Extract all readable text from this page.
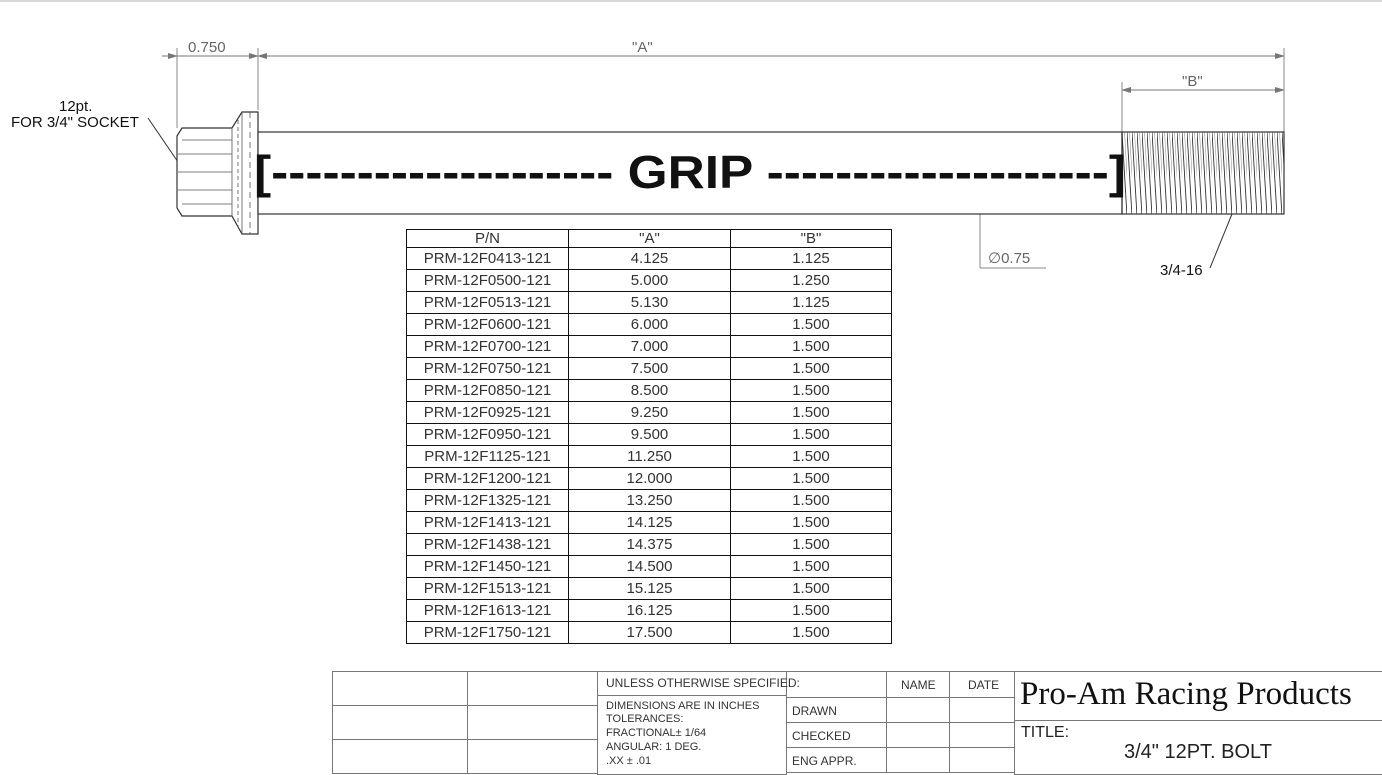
0.750	"A"
"B"
∅0.75
12pt.
FOR 3/4" SOCKET
[-------------------- GRIP --------------------]
3/4-16
P/N	"A"	"B"
PRM-12F0413-121	4.125	1.125
PRM-12F0500-121	5.000	1.250
PRM-12F0513-121	5.130	1.125
PRM-12F0600-121	6.000	1.500
PRM-12F0700-121	7.000	1.500
PRM-12F0750-121	7.500	1.500
PRM-12F0850-121	8.500	1.500
PRM-12F0925-121	9.250	1.500
PRM-12F0950-121	9.500	1.500
PRM-12F1125-121	11.250	1.500
PRM-12F1200-121	12.000	1.500
PRM-12F1325-121	13.250	1.500
PRM-12F1413-121	14.125	1.500
PRM-12F1438-121	14.375	1.500
PRM-12F1450-121	14.500	1.500
PRM-12F1513-121	15.125	1.500
PRM-12F1613-121	16.125	1.500
PRM-12F1750-121	17.500	1.500
UNLESS OTHERWISE SPECIFIED:
DIMENSIONS ARE IN INCHES
TOLERANCES:
FRACTIONAL± 1/64
ANGULAR: 1 DEG.
.XX ± .01
NAME	DATE
DRAWN
CHECKED
ENG APPR.
Pro-Am Racing Products
TITLE:
3/4" 12PT. BOLT
